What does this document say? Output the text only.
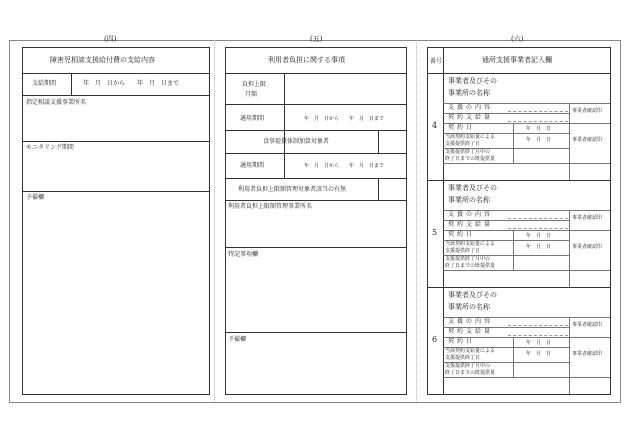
(四)
障害児相談支援給付費の支給内容
支給期間	年　月　日から　　年　月　日まで
指定相談支援事業所名
モニタリング期間
予備欄
(五)
利用者負担に関する事項
負担上限
月額
適用期間	年　月　日から　　年　月　日まで
食事提供体制加算対象者
適用期間	年　月　日から　　年　月　日まで
利用者負担上限額管理対象者該当の有無
利用者負担上限額管理事業所名
特記事項欄
予備欄
(六)
番号	通所支援事業者記入欄
4
事業者及びその
事業所の名称
支援の内容	事業者確認印
契約支給量
契約日	年　月　日
当該契約支給量による
支援提供終了日
年　月　日	事業者確認印
支援提供終了月中の
終了日までの既提供量
5
事業者及びその
事業所の名称
支援の内容	事業者確認印
契約支給量
契約日	年　月　日
当該契約支給量による
支援提供終了日
年　月　日	事業者確認印
支援提供終了月中の
終了日までの既提供量
6
事業者及びその
事業所の名称
支援の内容	事業者確認印
契約支給量
契約日	年　月　日
当該契約支給量による
支援提供終了日
年　月　日	事業者確認印
支援提供終了月中の
終了日までの既提供量
